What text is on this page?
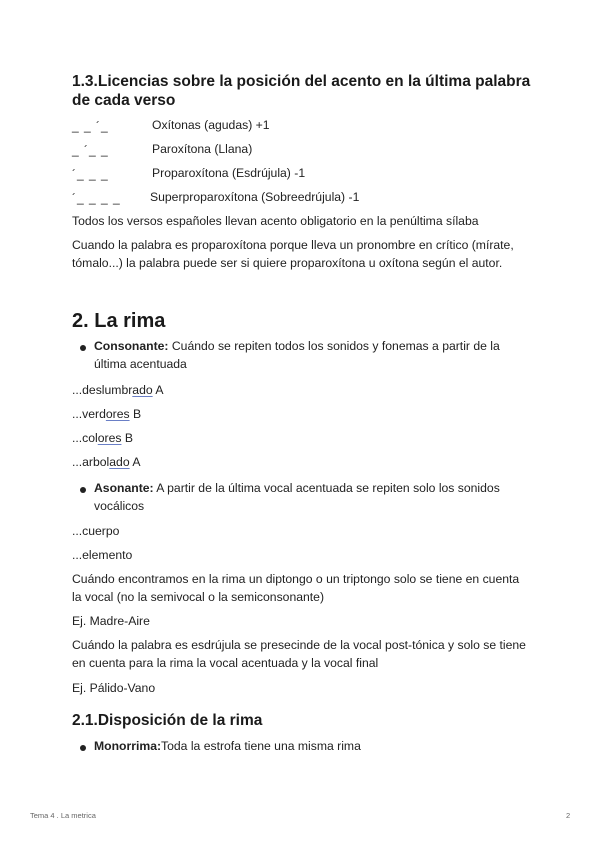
1.3.Licencias sobre la posición del acento en la última palabra de cada verso
_ _ ´_	Oxítonas (agudas) +1
_ ´_ _	Paroxítona (Llana)
´_ _ _	Proparoxítona (Esdrújula) -1
´_ _ _ _ Superproparoxítona (Sobreedrújula) -1
Todos los versos españoles llevan acento obligatorio en la penúltima sílaba
Cuando la palabra es proparoxítona porque lleva un pronombre en crítico (mírate, tómalo...) la palabra puede ser si quiere proparoxítona u oxítona según el autor.
2. La rima
Consonante: Cuándo se repiten todos los sonidos y fonemas a partir de la última acentuada
...deslumbrado A
...verdores B
...colores B
...arbolado A
Asonante: A partir de la última vocal acentuada se repiten solo los sonidos vocálicos
...cuerpo
...elemento
Cuándo encontramos en la rima un diptongo o un triptongo solo se tiene en cuenta la vocal (no la semivocal o la semiconsonante)
Ej. Madre-Aire
Cuándo la palabra es esdrújula se presecinde de la vocal post-tónica y solo se tiene en cuenta para la rima la vocal acentuada y la vocal final
Ej. Pálido-Vano
2.1.Disposición de la rima
Monorrima:Toda la estrofa tiene una misma rima
Tema 4 . La metrica	2
